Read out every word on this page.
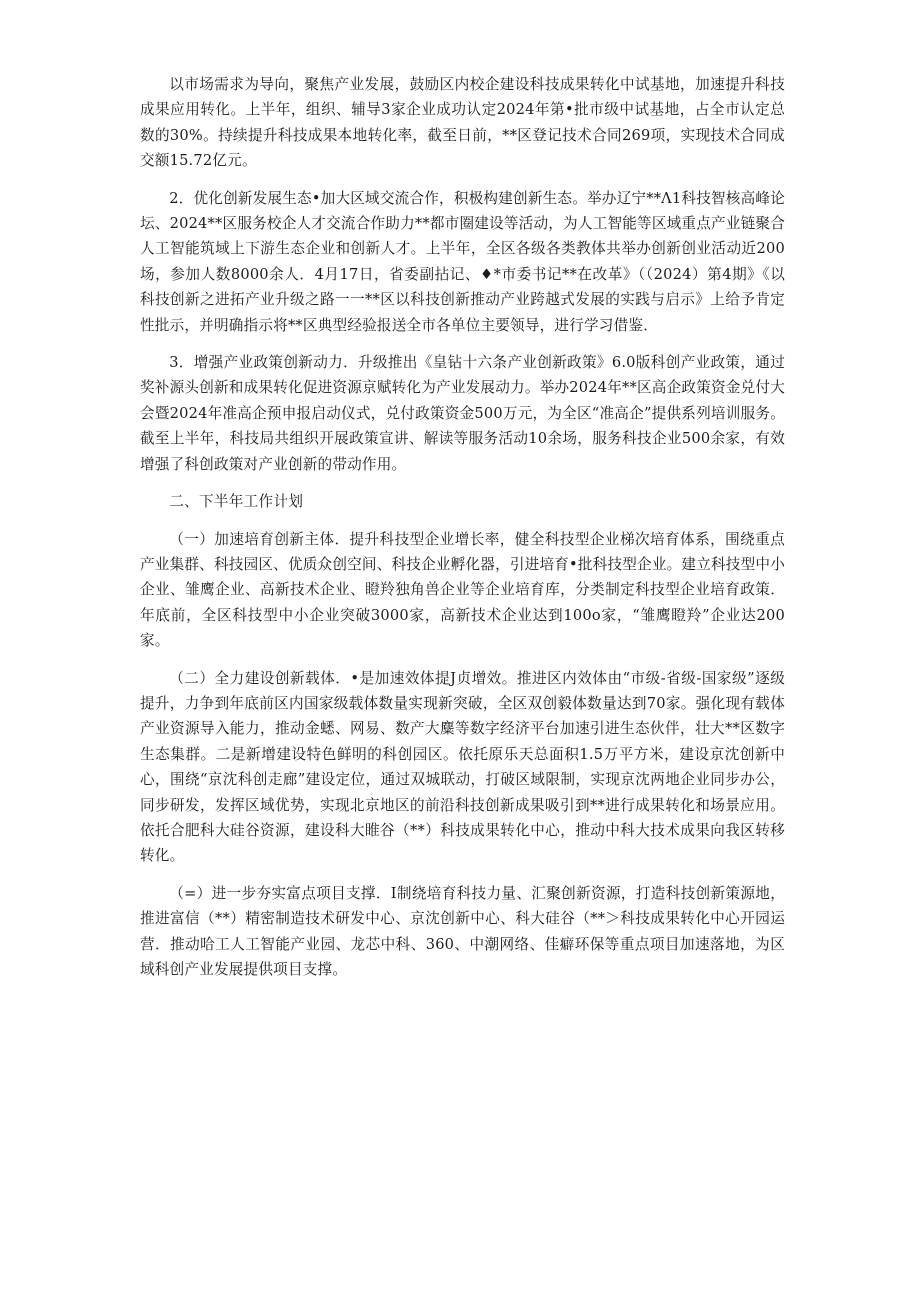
以市场需求为导向，聚焦产业发展，鼓励区内校企建设科技成果转化中试基地，加速提升科技成果应用转化。上半年，组织、辅导3家企业成功认定2024年第•批市级中试基地，占全市认定总数的30%。持续提升科技成果本地转化率，截至日前，**区登记技术合同269项，实现技术合同成交额15.72亿元。

2．优化创新发展生态•加大区域交流合作，积极构建创新生态。举办辽宁**Λ1科技智核高峰论坛、2024**区服务校企人才交流合作助力**都市圈建设等活动，为人工智能等区域重点产业链聚合人工智能筑域上下游生态企业和创新人才。上半年，全区各级各类教体共举办创新创业活动近200场，参加人数8000余人．4月17日，省委副拈记、♦*市委书记**在改革》（（2024）第4期》《以科技创新之进拓产业升级之路一一**区以科技创新推动产业跨越式发展的实践与启示》上给予肯定性批示，并明确指示将**区典型经验报送全市各单位主要领导，进行学习借鉴．

3．增强产业政策创新动力．升级推出《皇钻十六条产业创新政策》6.0版科创产业政策，通过奖补源头创新和成果转化促进资源京赋转化为产业发展动力。举办2024年**区高企政策资金兑付大会暨2024年准高企预申报启动仪式，兑付政策资金500万元，为全区“准高企”提供系列培训服务。截至上半年，科技局共组织开展政策宣讲、解读等服务活动10余场，服务科技企业500余家，有效增强了科创政策对产业创新的带动作用。

二、下半年工作计划

（一）加速培育创新主体．提升科技型企业增长率，健全科技型企业梯次培育体系，围绕重点产业集群、科技园区、优质众创空间、科技企业孵化器，引进培育•批科技型企业。建立科技型中小企业、雏鹰企业、高新技术企业、瞪羚独角兽企业等企业培育库，分类制定科技型企业培育政策．年底前，全区科技型中小企业突破3000家，高新技术企业达到100o家，“雏鹰瞪羚”企业达200家。

（二）全力建设创新载体．•是加速效体提J贞增效。推进区内效体由“市级-省级-国家级”逐级提升，力争到年底前区内国家级载体数量实现新突破，全区双创毅体数量达到70家。强化现有载体产业资源导入能力，推动金蟋、网易、数产大麋等数字经济平台加速引进生态伙伴，壮大**区数字生态集群。二是新增建设特色鲜明的科创园区。依托原乐天总面积1.5万平方米，建设京沈创新中心，围绕“京沈科创走廊”建设定位，通过双城联动，打破区域限制，实现京沈两地企业同步办公，同步研发，发挥区域优势，实现北京地区的前沿科技创新成果吸引到**进行成果转化和场景应用。依托合肥科大硅谷资源，建设科大睢谷（**）科技成果转化中心，推动中科大技术成果向我区转移转化。

（=）进一步夯实富点项目支撑．I制绕培育科技力量、汇聚创新资源，打造科技创新策源地，推进富信（**）精密制造技术研发中心、京沈创新中心、科大硅谷（**＞科技成果转化中心开园运营．推动哈工人工智能产业园、龙芯中科、360、中潮网络、佳癖环保等重点项目加速落地，为区域科创产业发展提供项目支撑。
